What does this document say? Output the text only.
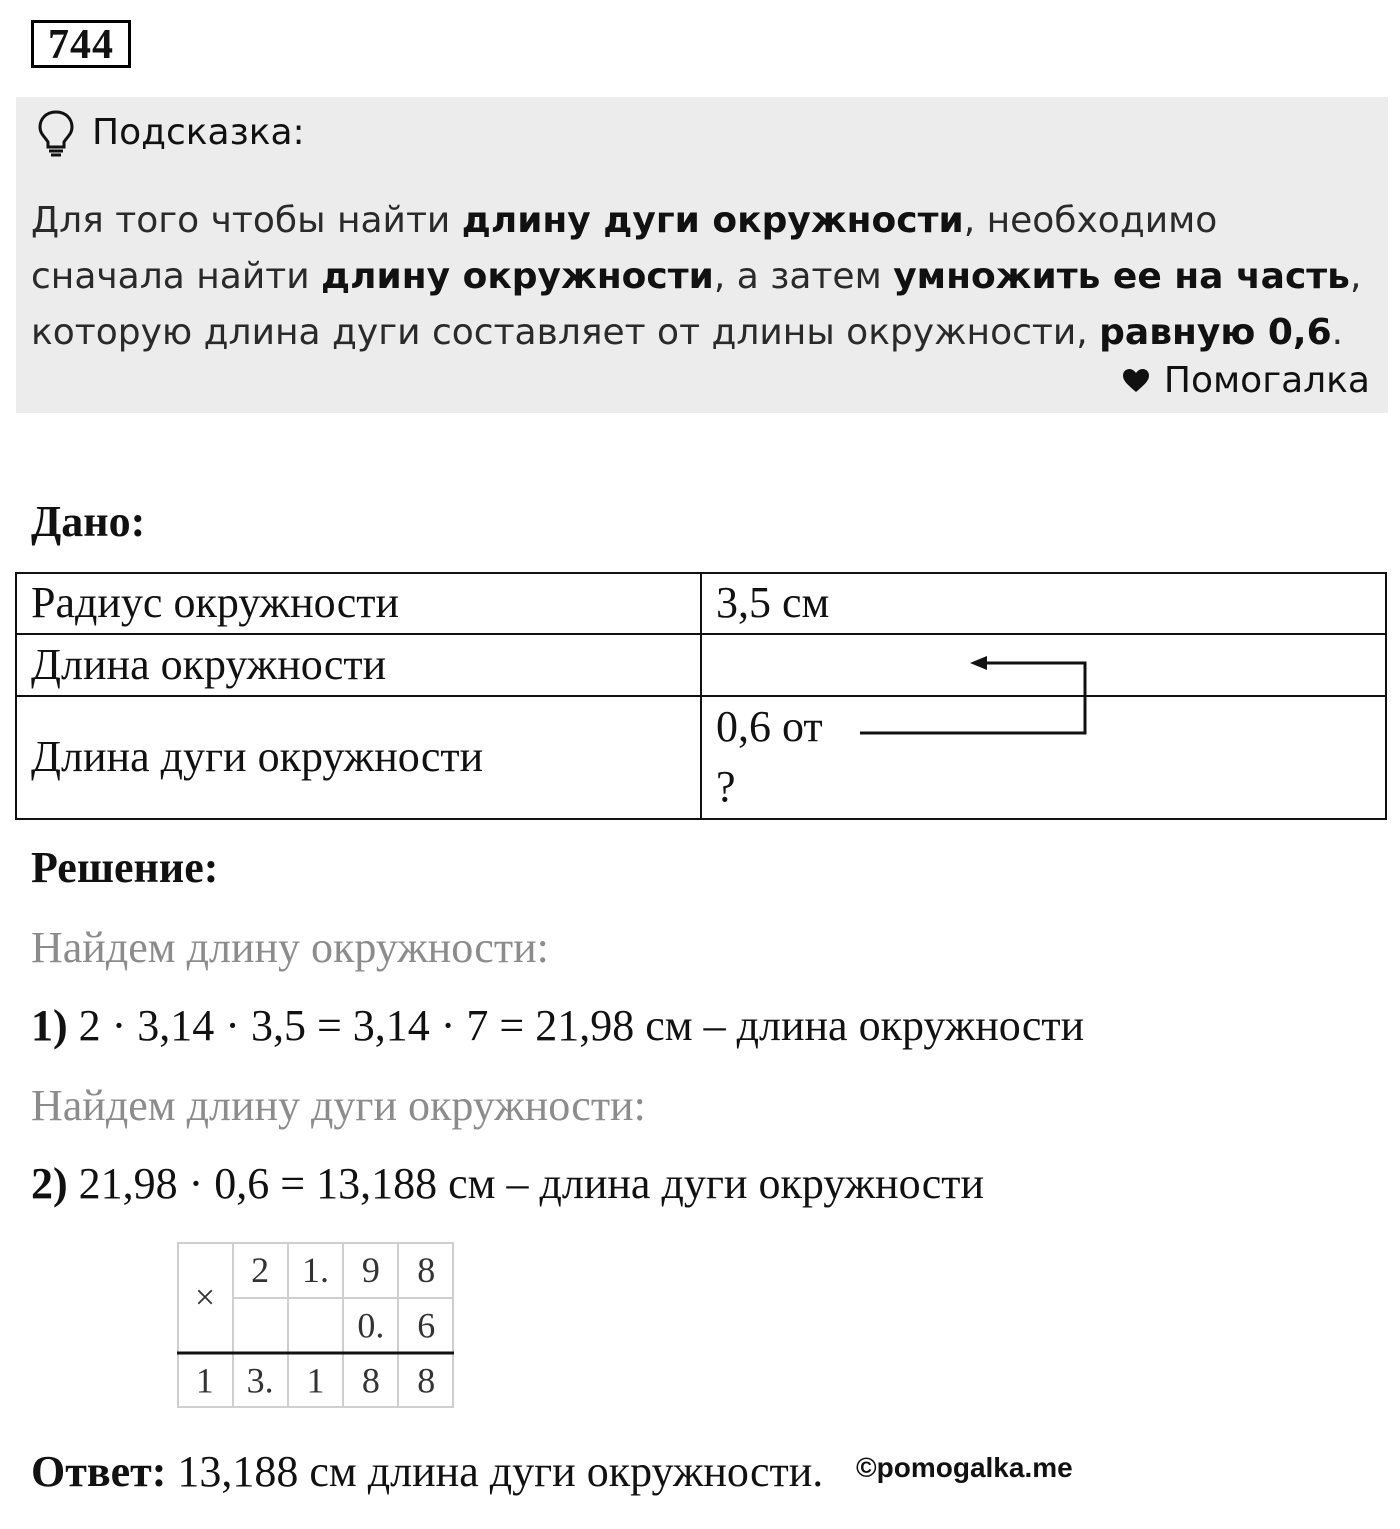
744
Подсказка:
Для того чтобы найти длину дуги окружности, необходимо сначала найти длину окружности, а затем умножить ее на часть, которую длина дуги составляет от длины окружности, равную 0,6.
Помогалка
Дано:
Радиус окружности	3,5 см
Длина окружности
Длина дуги окружности
0,6 от
?
Решение:
Найдем длину окружности:
1) 2 · 3,14 · 3,5 = 3,14 · 7 = 21,98 см – длина окружности
Найдем длину дуги окружности:
2) 21,98 · 0,6 = 13,188 см – длина дуги окружности
×
2 1. 9 8
0. 6
1 3. 1 8 8
Ответ: 13,188 см длина дуги окружности. ©pomogalka.me
